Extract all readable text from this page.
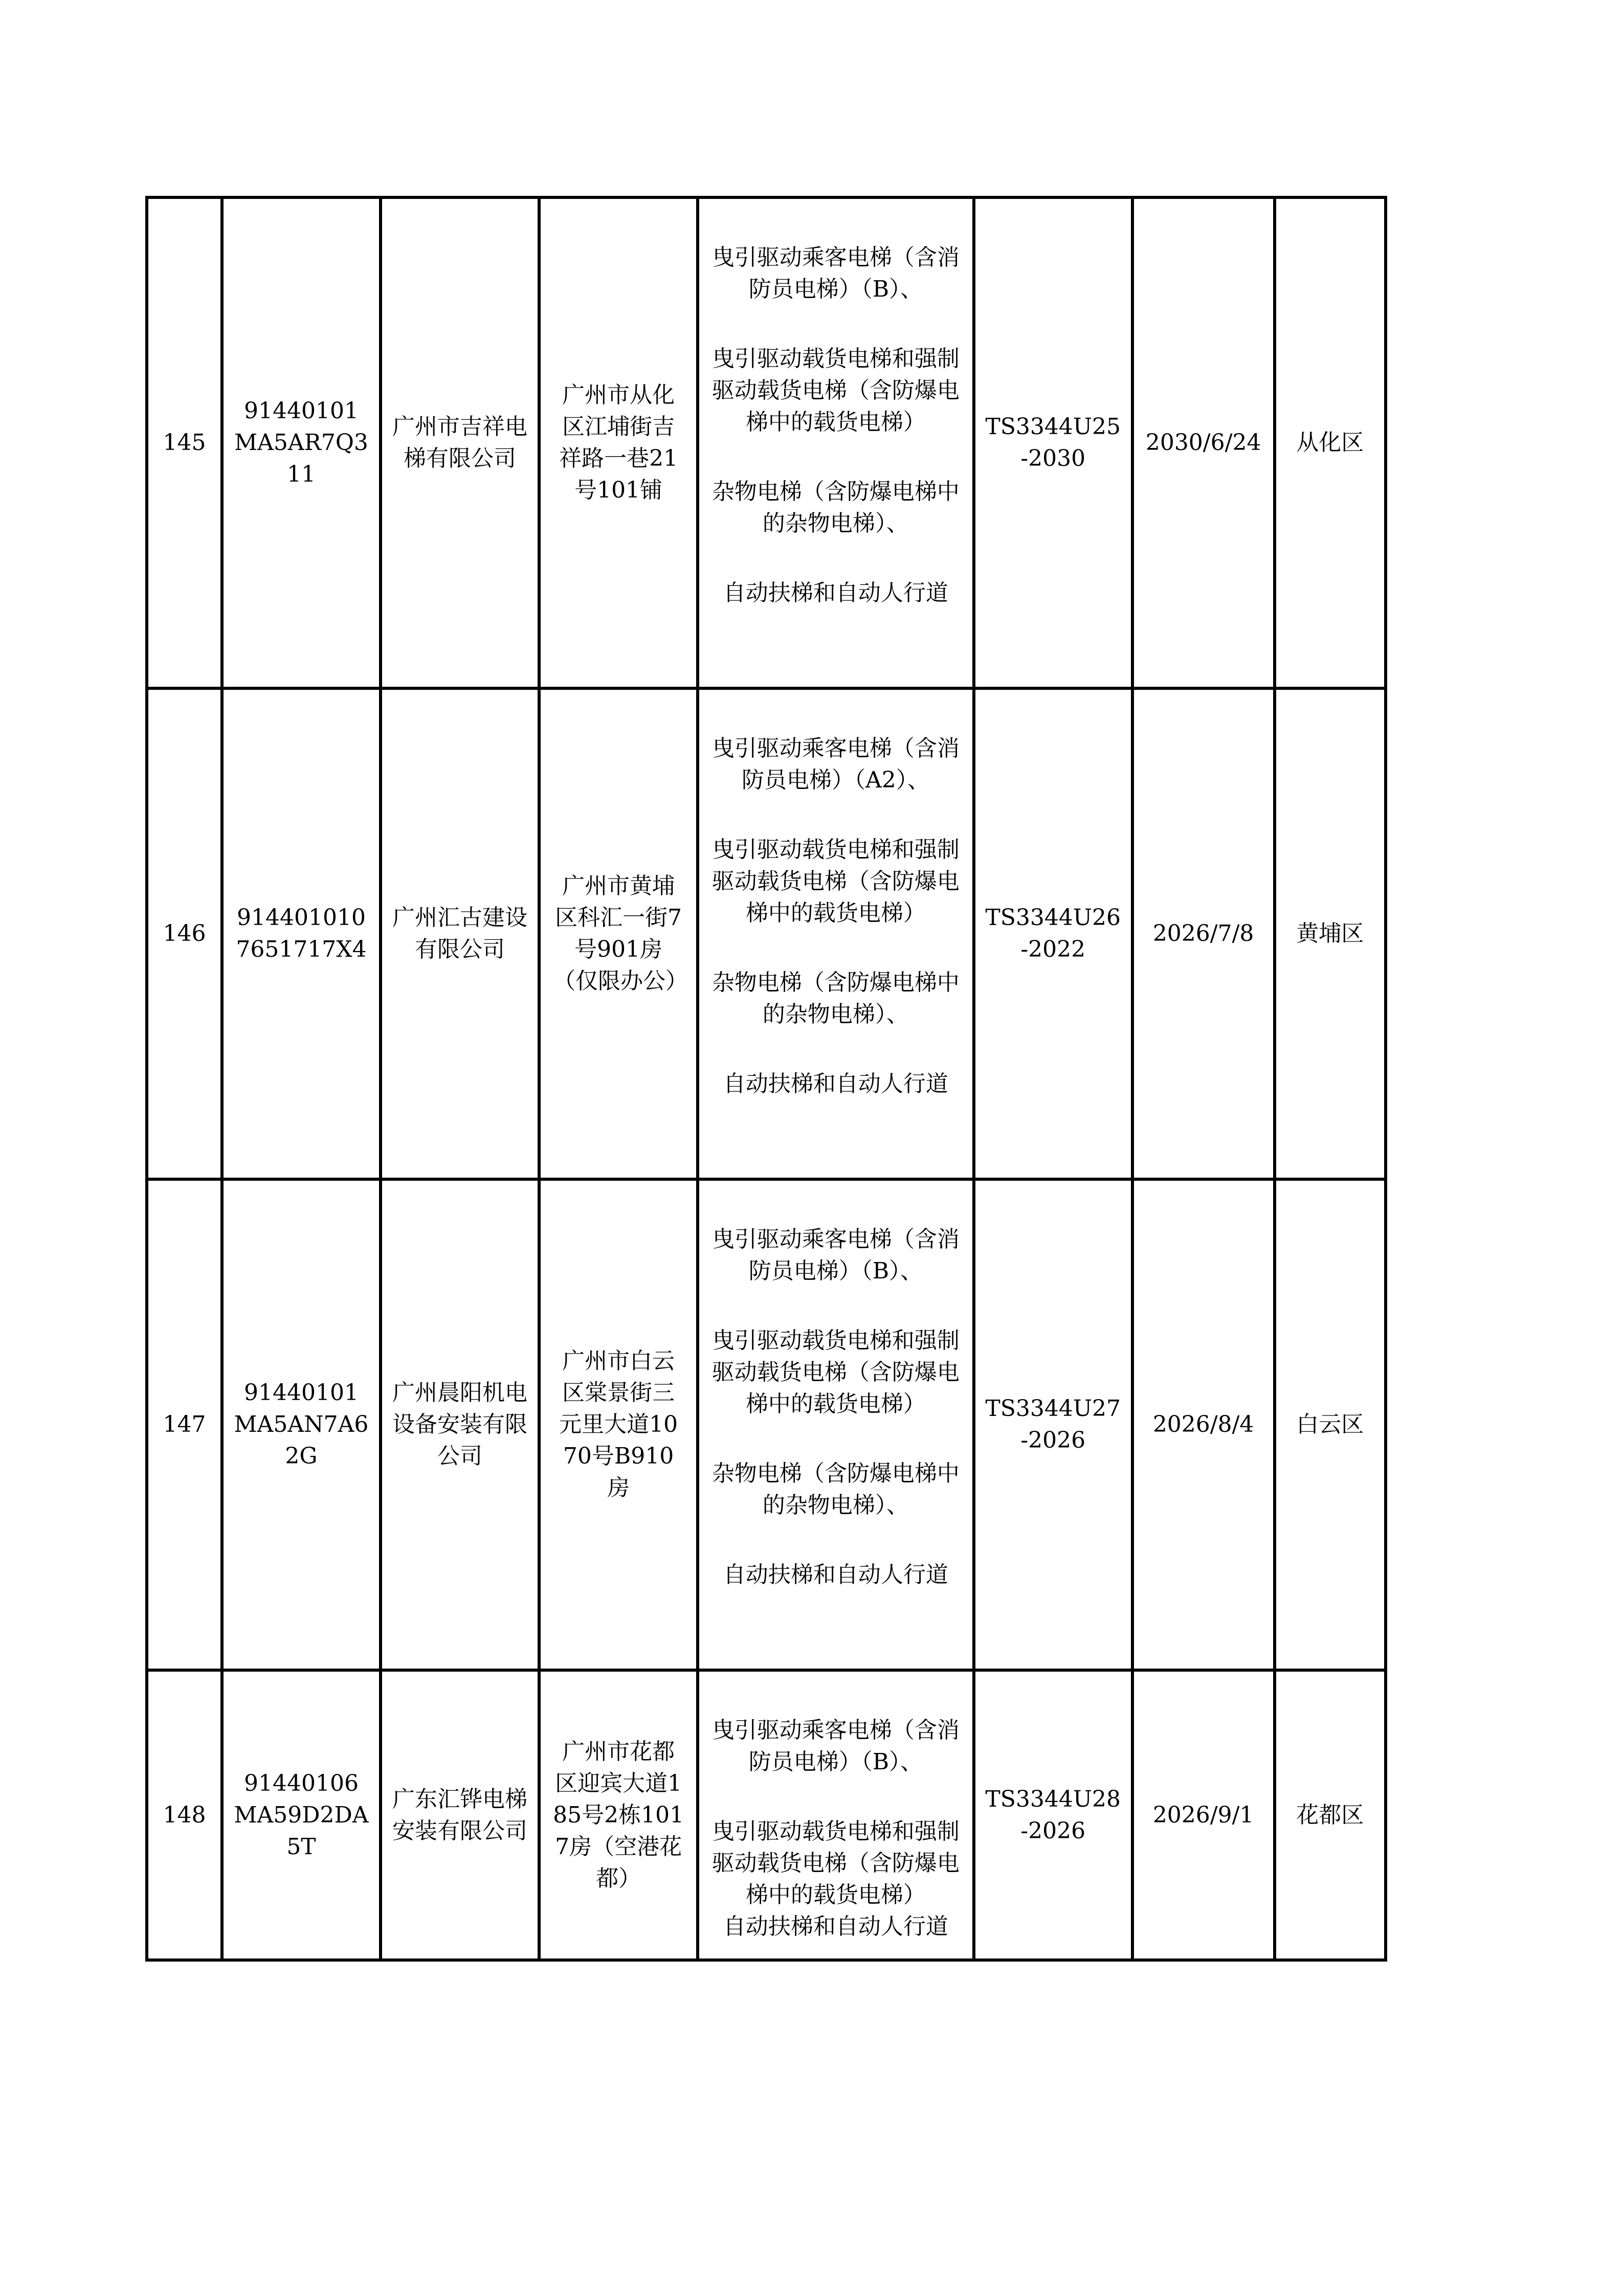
145	91440101MA5AR7Q311	广州市吉祥电梯有限公司	广州市从化区江埔街吉祥路一巷21号101铺	曳引驱动乘客电梯（含消防员电梯）（B）、
曳引驱动载货电梯和强制驱动载货电梯（含防爆电梯中的载货电梯）
杂物电梯（含防爆电梯中的杂物电梯）、
自动扶梯和自动人行道	TS3344U25-2030	2030/6/24	从化区
146	9144010107651717X4	广州汇古建设有限公司	广州市黄埔区科汇一街7号901房（仅限办公）	曳引驱动乘客电梯（含消防员电梯）（A2）、
曳引驱动载货电梯和强制驱动载货电梯（含防爆电梯中的载货电梯）
杂物电梯（含防爆电梯中的杂物电梯）、
自动扶梯和自动人行道	TS3344U26-2022	2026/7/8	黄埔区
147	91440101MA5AN7A62G	广州晨阳机电设备安装有限公司	广州市白云区棠景街三元里大道1070号B910房	曳引驱动乘客电梯（含消防员电梯）（B）、
曳引驱动载货电梯和强制驱动载货电梯（含防爆电梯中的载货电梯）
杂物电梯（含防爆电梯中的杂物电梯）、
自动扶梯和自动人行道	TS3344U27-2026	2026/8/4	白云区
148	91440106MA59D2DA5T	广东汇铧电梯安装有限公司	广州市花都区迎宾大道185号2栋1017房（空港花都）	曳引驱动乘客电梯（含消防员电梯）（B）、
曳引驱动载货电梯和强制驱动载货电梯（含防爆电梯中的载货电梯）
自动扶梯和自动人行道	TS3344U28-2026	2026/9/1	花都区
